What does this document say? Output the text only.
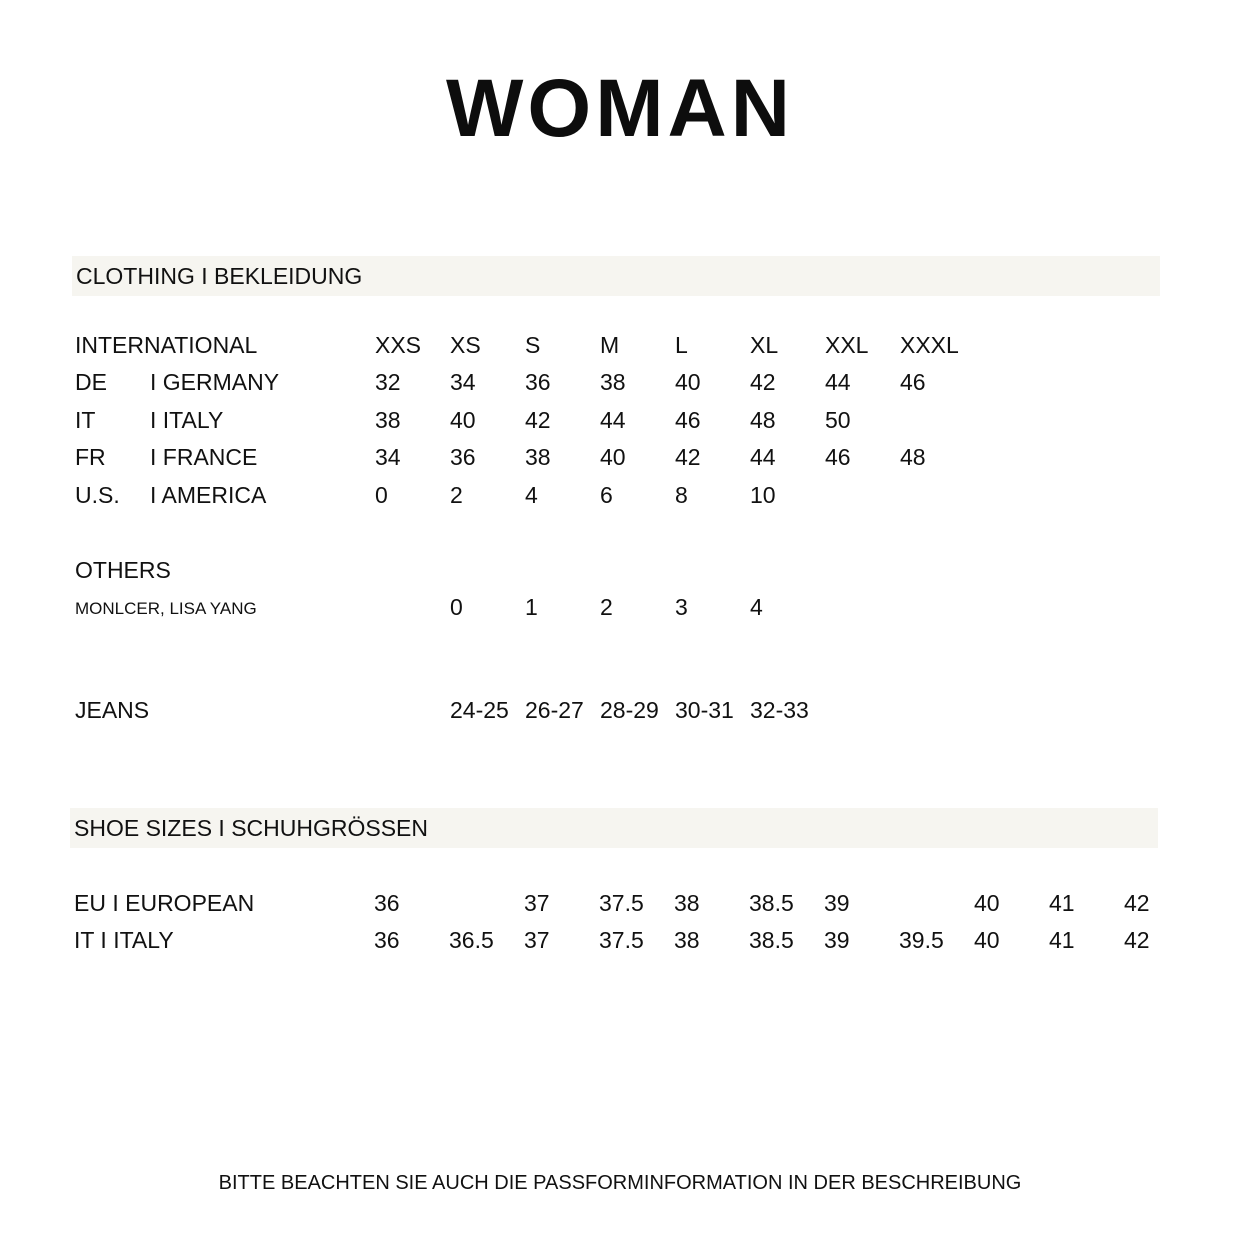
WOMAN
CLOTHING I BEKLEIDUNG
INTERNATIONAL	XXS XS S	M L	XL XXL XXXL
DE I GERMANY	32 34 36 38 40 42 44 46
IT I ITALY	38 40 42 44 46 48 50
FR I FRANCE	34 36 38 40 42 44 46 48
U.S. I AMERICA	0	2	4	6	8	10
OTHERS
MONLCER, LISA YANG	0	1	2	3	4
JEANS	24-25 26-27 28-29 30-31 32-33
SHOE SIZES I SCHUHGRÖSSEN
EU I EUROPEAN	36	37 37.5 38 38.5 39	40 41 42
IT I ITALY	36 36.5 37 37.5 38 38.5 39 39.5 40 41 42
BITTE BEACHTEN SIE AUCH DIE PASSFORMINFORMATION IN DER BESCHREIBUNG
